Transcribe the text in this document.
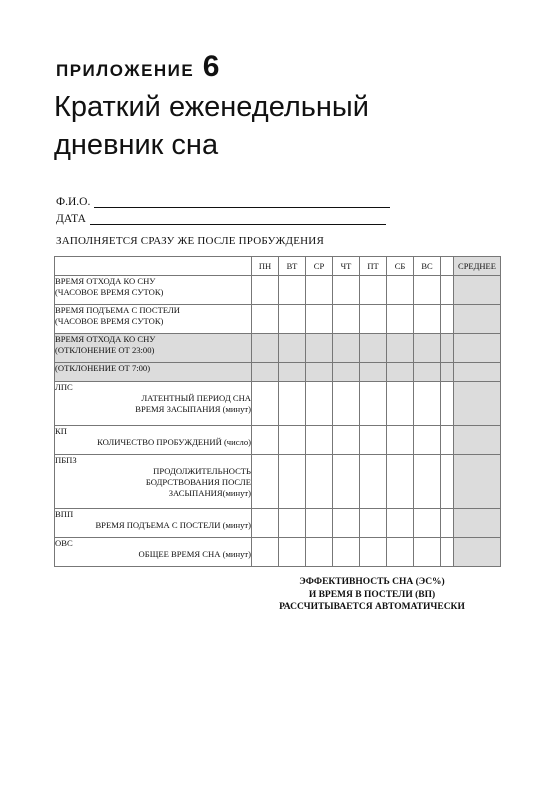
ПРИЛОЖЕНИЕ 6
Краткий еженедельный
дневник сна
Ф.И.О.
ДАТА
ЗАПОЛНЯЕТСЯ СРАЗУ ЖЕ ПОСЛЕ ПРОБУЖДЕНИЯ
	ПН	ВТ	СР	ЧТ	ПТ	СБ	ВС		СРЕДНЕЕ

ВРЕМЯ ОТХОДА КО СНУ
(ЧАСОВОЕ ВРЕМЯ СУТОК)									

ВРЕМЯ ПОДЪЕМА С ПОСТЕЛИ
(ЧАСОВОЕ ВРЕМЯ СУТОК)									

ВРЕМЯ ОТХОДА КО СНУ
(ОТКЛОНЕНИЕ ОТ 23:00)									

(ОТКЛОНЕНИЕ ОТ 7:00)									

ЛПС
ЛАТЕНТНЫЙ ПЕРИОД СНА
ВРЕМЯ ЗАСЫПАНИЯ (минут)									

КП
КОЛИЧЕСТВО ПРОБУЖДЕНИЙ (число)									

ПБПЗ
ПРОДОЛЖИТЕЛЬНОСТЬ
БОДРСТВОВАНИЯ ПОСЛЕ
ЗАСЫПАНИЯ(минут)									

ВПП
ВРЕМЯ ПОДЪЕМА С ПОСТЕЛИ (минут)									

ОВС
ОБЩЕЕ ВРЕМЯ СНА (минут)									

ЭФФЕКТИВНОСТЬ СНА (ЭС%)
И ВРЕМЯ В ПОСТЕЛИ (ВП)
РАССЧИТЫВАЕТСЯ АВТОМАТИЧЕСКИ
